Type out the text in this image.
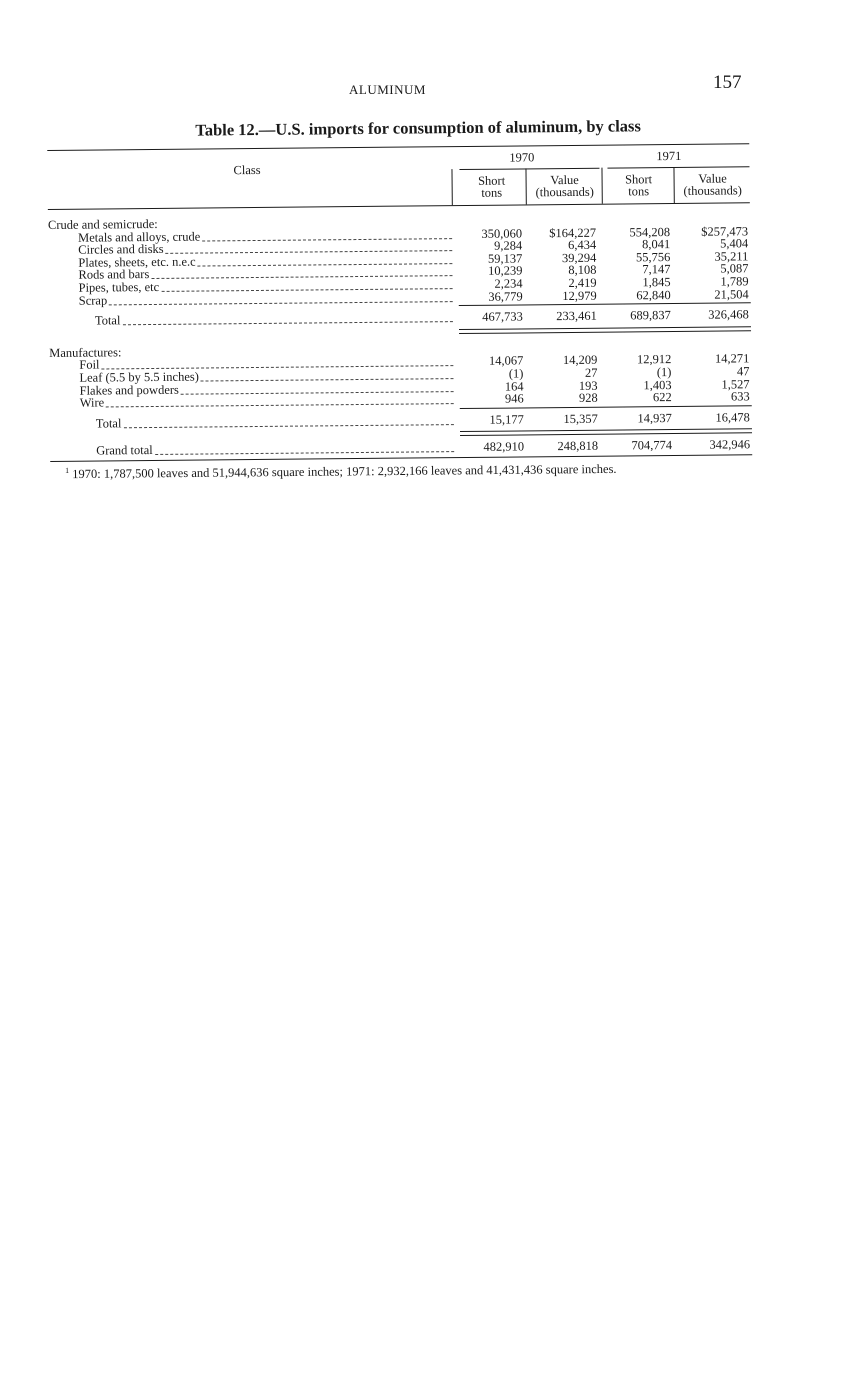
ALUMINUM	157
Table 12.—U.S. imports for consumption of aluminum, by class
Class
1970	1971
Short
tons
Value
(thousands)
Short
tons
Value
(thousands)
Crude and semicrude:
Metals and alloys, crude	350,060	$164,227	554,208	$257,473
Circles and disks	9,284	6,434	8,041	5,404
Plates, sheets, etc. n.e.c	59,137	39,294	55,756	35,211
Rods and bars	10,239	8,108	7,147	5,087
Pipes, tubes, etc	2,234	2,419	1,845	1,789
Scrap	36,779	12,979	62,840	21,504
Total	467,733	233,461	689,837	326,468
Manufactures:
Foil	14,067	14,209	12,912	14,271
Leaf (5.5 by 5.5 inches)	(1)	27	(1)	47
Flakes and powders	164	193	1,403	1,527
Wire	946	928	622	633
Total	15,177	15,357	14,937	16,478
Grand total	482,910	248,818	704,774	342,946
$^1$ 1970: 1,787,500 leaves and 51,944,636 square inches; 1971: 2,932,166 leaves and 41,431,436 square inches.
